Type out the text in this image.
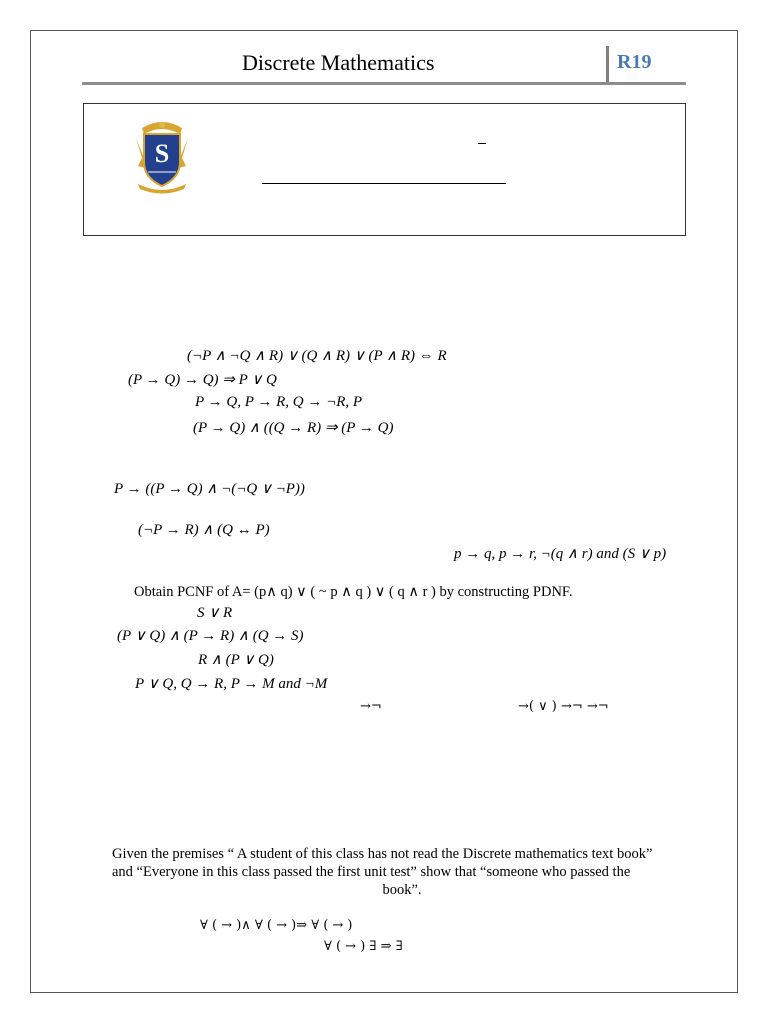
Discrete Mathematics	R19
S
(¬P ∧ ¬Q ∧ R) ∨ (Q ∧ R) ∨ (P ∧ R) ⇔ R
(P → Q) → Q) ⇒ P ∨ Q
P → Q, P → R, Q → ¬R, P
(P → Q) ∧ ((Q → R) ⇒ (P → Q)
P → ((P → Q) ∧ ¬(¬Q ∨ ¬P))
(¬P → R) ∧ (Q ↔ P)
p → q, p → r, ¬(q ∧ r) and (S ∨ p)
Obtain PCNF of A= (p∧ q) ∨ ( ~ p ∧ q ) ∨ ( q ∧ r ) by constructing PDNF.
S ∨ R
(P ∨ Q) ∧ (P → R) ∧ (Q → S)
R ∧ (P ∨ Q)
P ∨ Q, Q → R, P → M and ¬M
→¬	→( ∨ ) →¬ →¬
Given the premises “ A student of this class has not read the Discrete mathematics text book”
and “Everyone in this class passed the first unit test” show that “someone who passed the
book”.
∀ ( → )∧ ∀ ( → )⇒ ∀ ( → )
∀ ( → ) ∃ ⇒ ∃
